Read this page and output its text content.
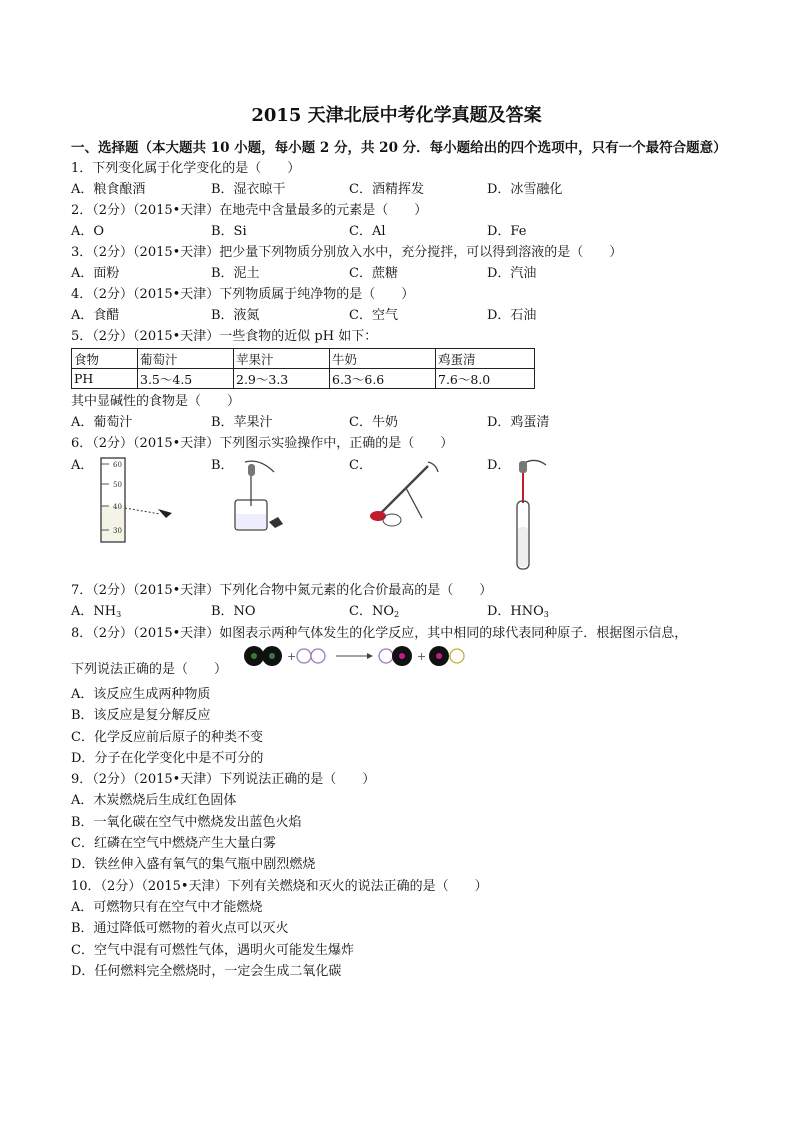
2015 天津北辰中考化学真题及答案
一、选择题（本大题共 10 小题，每小题 2 分，共 20 分．每小题给出的四个选项中，只有一个最符合题意）
1．下列变化属于化学变化的是（　　）
A．粮食酿酒	B．湿衣晾干	C．酒精挥发	D．冰雪融化
2．（2分）（2015•天津）在地壳中含量最多的元素是（　　）
A．O	B．Si	C．Al	D．Fe
3．（2分）（2015•天津）把少量下列物质分别放入水中，充分搅拌，可以得到溶液的是（　　）
A．面粉	B．泥土	C．蔗糖	D．汽油
4．（2分）（2015•天津）下列物质属于纯净物的是（　　）
A．食醋	B．液氮	C．空气	D．石油
5．（2分）（2015•天津）一些食物的近似 pH 如下：
食物	葡萄汁	苹果汁	牛奶	鸡蛋清
PH	3.5～4.5	2.9～3.3	6.3～6.6	7.6～8.0
其中显碱性的食物是（　　）
A．葡萄汁	B．苹果汁	C．牛奶	D．鸡蛋清
6．（2分）（2015•天津）下列图示实验操作中，正确的是（　　）
A．	B．	C．	D．
60
50
40
30
7．（2分）（2015•天津）下列化合物中氮元素的化合价最高的是（　　）
A．$NH_3$	B．NO	C．$NO_2$	D．$HNO_3$
8．（2分）（2015•天津）如图表示两种气体发生的化学反应，其中相同的球代表同种原子．根据图示信息，
下列说法正确的是（　　）
+	+
A．该反应生成两种物质
B．该反应是复分解反应
C．化学反应前后原子的种类不变
D．分子在化学变化中是不可分的
9．（2分）（2015•天津）下列说法正确的是（　　）
A．木炭燃烧后生成红色固体
B．一氧化碳在空气中燃烧发出蓝色火焰
C．红磷在空气中燃烧产生大量白雾
D．铁丝伸入盛有氧气的集气瓶中剧烈燃烧
10．（2分）（2015•天津）下列有关燃烧和灭火的说法正确的是（　　）
A．可燃物只有在空气中才能燃烧
B．通过降低可燃物的着火点可以灭火
C．空气中混有可燃性气体，遇明火可能发生爆炸
D．任何燃料完全燃烧时，一定会生成二氧化碳
